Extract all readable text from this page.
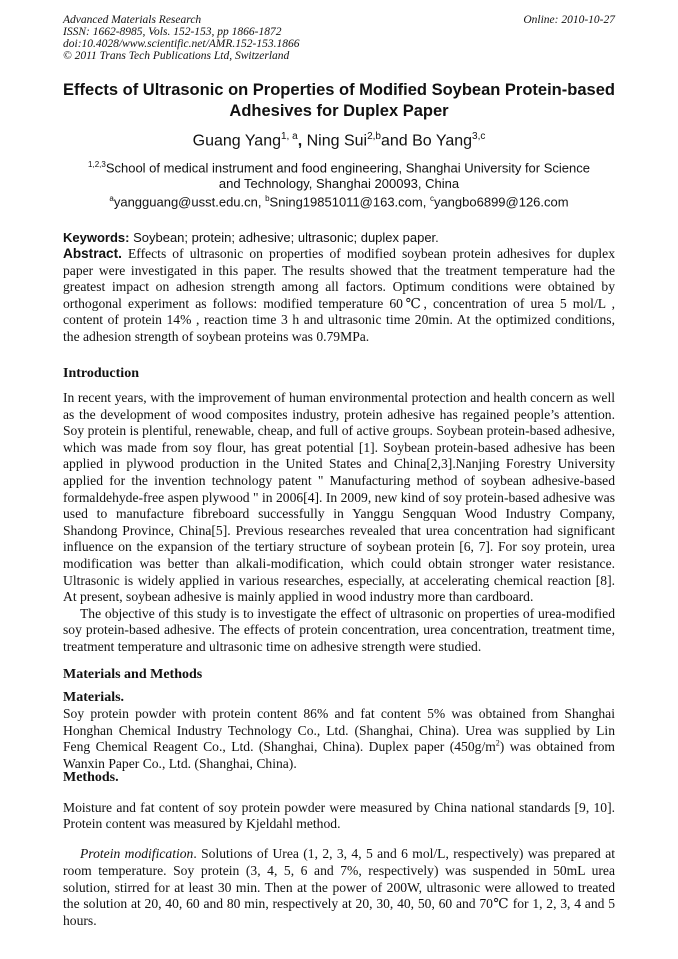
Advanced Materials Research
ISSN: 1662-8985, Vols. 152-153, pp 1866-1872
doi:10.4028/www.scientific.net/AMR.152-153.1866
© 2011 Trans Tech Publications Ltd, Switzerland
Online: 2010-10-27
Effects of Ultrasonic on Properties of Modified Soybean Protein-based Adhesives for Duplex Paper
Guang Yang$^{1, a}$, Ning Sui$^{2,b}$and Bo Yang$^{3,c}$
$^{1,2,3}$School of medical instrument and food engineering, Shanghai University for Science and Technology, Shanghai 200093, China
$^a$yangguang@usst.edu.cn, $^b$Sning19851011@163.com, $^c$yangbo6899@126.com
Keywords: Soybean; protein; adhesive; ultrasonic; duplex paper.
Abstract. Effects of ultrasonic on properties of modified soybean protein adhesives for duplex paper were investigated in this paper. The results showed that the treatment temperature had the greatest impact on adhesion strength among all factors. Optimum conditions were obtained by orthogonal experiment as follows: modified temperature 60℃, concentration of urea 5 mol/L , content of protein 14% , reaction time 3 h and ultrasonic time 20min. At the optimized conditions, the adhesion strength of soybean proteins was 0.79MPa.
Introduction

In recent years, with the improvement of human environmental protection and health concern as well as the development of wood composites industry, protein adhesive has regained people’s attention. Soy protein is plentiful, renewable, cheap, and full of active groups. Soybean protein-based adhesive, which was made from soy flour, has great potential [1]. Soybean protein-based adhesive has been applied in plywood production in the United States and China[2,3].Nanjing Forestry University applied for the invention technology patent " Manufacturing method of soybean adhesive-based formaldehyde-free aspen plywood " in 2006[4]. In 2009, new kind of soy protein-based adhesive was used to manufacture fibreboard successfully in Yanggu Sengquan Wood Industry Company, Shandong Province, China[5]. Previous researches revealed that urea concentration had significant influence on the expansion of the tertiary structure of soybean protein [6, 7]. For soy protein, urea modification was better than alkali-modification, which could obtain stronger water resistance. Ultrasonic is widely applied in various researches, especially, at accelerating chemical reaction [8]. At present, soybean adhesive is mainly applied in wood industry more than cardboard.

The objective of this study is to investigate the effect of ultrasonic on properties of urea-modified soy protein-based adhesive. The effects of protein concentration, urea concentration, treatment time, treatment temperature and ultrasonic time on adhesive strength were studied.

Materials and Methods
Materials.
Soy protein powder with protein content 86% and fat content 5% was obtained from Shanghai Honghan Chemical Industry Technology Co., Ltd. (Shanghai, China). Urea was supplied by Lin Feng Chemical Reagent Co., Ltd. (Shanghai, China). Duplex paper $(450g/m^2)$ was obtained from Wanxin Paper Co., Ltd. (Shanghai, China).
Methods.

Moisture and fat content of soy protein powder were measured by China national standards [9, 10]. Protein content was measured by Kjeldahl method.

Protein modification. Solutions of Urea (1, 2, 3, 4, 5 and 6 mol/L, respectively) was prepared at room temperature. Soy protein (3, 4, 5, 6 and 7%, respectively) was suspended in 50mL urea solution, stirred for at least 30 min. Then at the power of 200W, ultrasonic were allowed to treated the solution at 20, 40, 60 and 80 min, respectively at 20, 30, 40, 50, 60 and 70℃ for 1, 2, 3, 4 and 5 hours.
